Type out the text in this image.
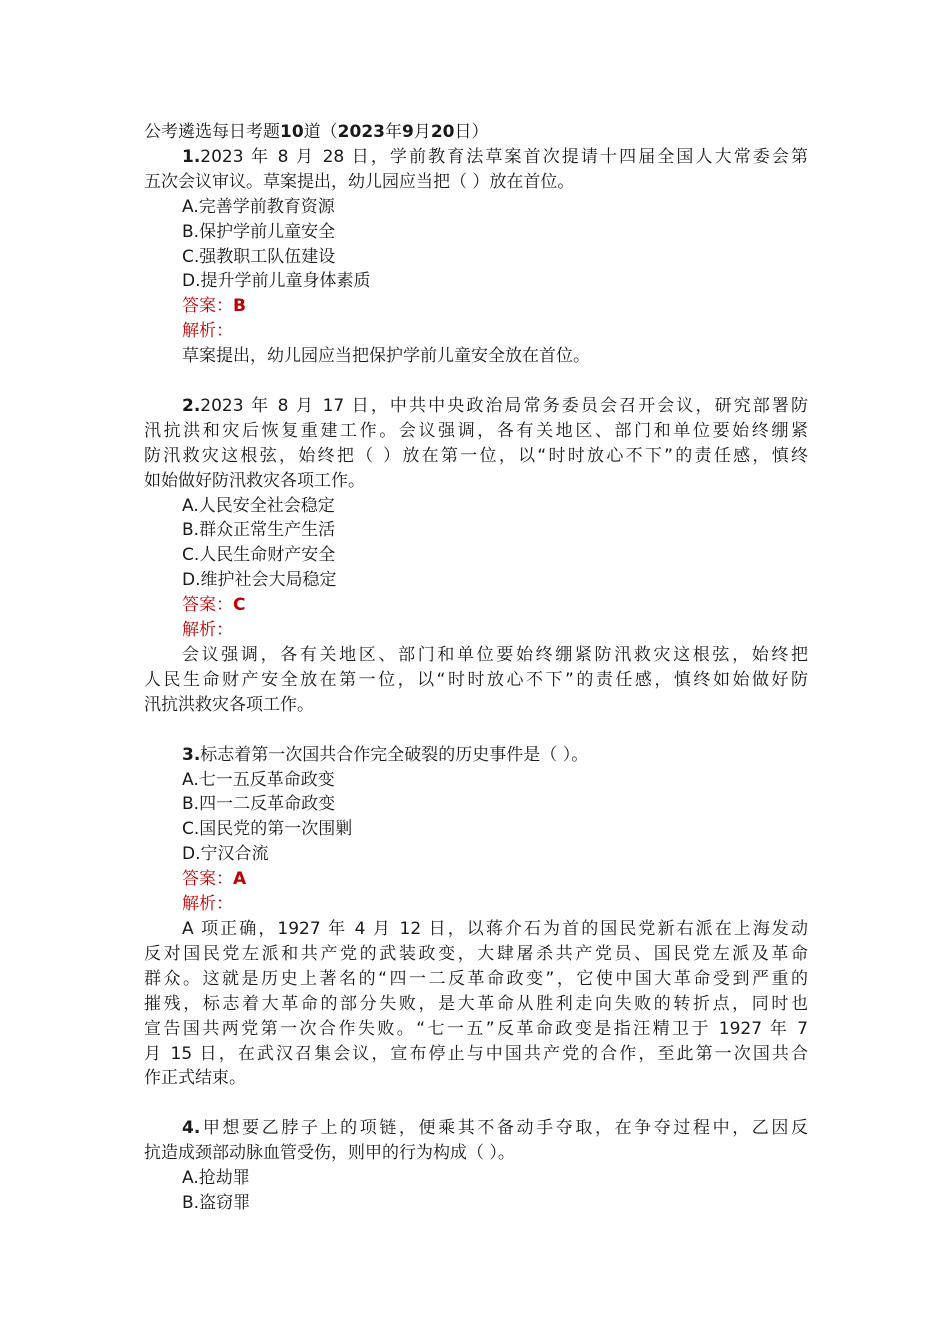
公考遴选每日考题10道（2023年9月20日）
1.2023 年 8 月 28 日，学前教育法草案首次提请十四届全国人大常委会第
五次会议审议。草案提出，幼儿园应当把（ ）放在首位。
A.完善学前教育资源
B.保护学前儿童安全
C.强教职工队伍建设
D.提升学前儿童身体素质
答案：B
解析：
草案提出，幼儿园应当把保护学前儿童安全放在首位。
2.2023 年 8 月 17 日，中共中央政治局常务委员会召开会议，研究部署防
汛抗洪和灾后恢复重建工作。会议强调，各有关地区、部门和单位要始终绷紧
防汛救灾这根弦，始终把（ ）放在第一位，以“时时放心不下”的责任感，慎终
如始做好防汛救灾各项工作。
A.人民安全社会稳定
B.群众正常生产生活
C.人民生命财产安全
D.维护社会大局稳定
答案：C
解析：
会议强调，各有关地区、部门和单位要始终绷紧防汛救灾这根弦，始终把
人民生命财产安全放在第一位，以“时时放心不下”的责任感，慎终如始做好防
汛抗洪救灾各项工作。
3.标志着第一次国共合作完全破裂的历史事件是（ ）。
A.七一五反革命政变
B.四一二反革命政变
C.国民党的第一次围剿
D.宁汉合流
答案：A
解析：
A 项正确，1927 年 4 月 12 日，以蒋介石为首的国民党新右派在上海发动
反对国民党左派和共产党的武装政变，大肆屠杀共产党员、国民党左派及革命
群众。这就是历史上著名的“四一二反革命政变”，它使中国大革命受到严重的
摧残，标志着大革命的部分失败，是大革命从胜利走向失败的转折点，同时也
宣告国共两党第一次合作失败。“七一五”反革命政变是指汪精卫于 1927 年 7
月 15 日，在武汉召集会议，宣布停止与中国共产党的合作，至此第一次国共合
作正式结束。
4.甲想要乙脖子上的项链，便乘其不备动手夺取，在争夺过程中，乙因反
抗造成颈部动脉血管受伤，则甲的行为构成（ ）。
A.抢劫罪
B.盗窃罪
